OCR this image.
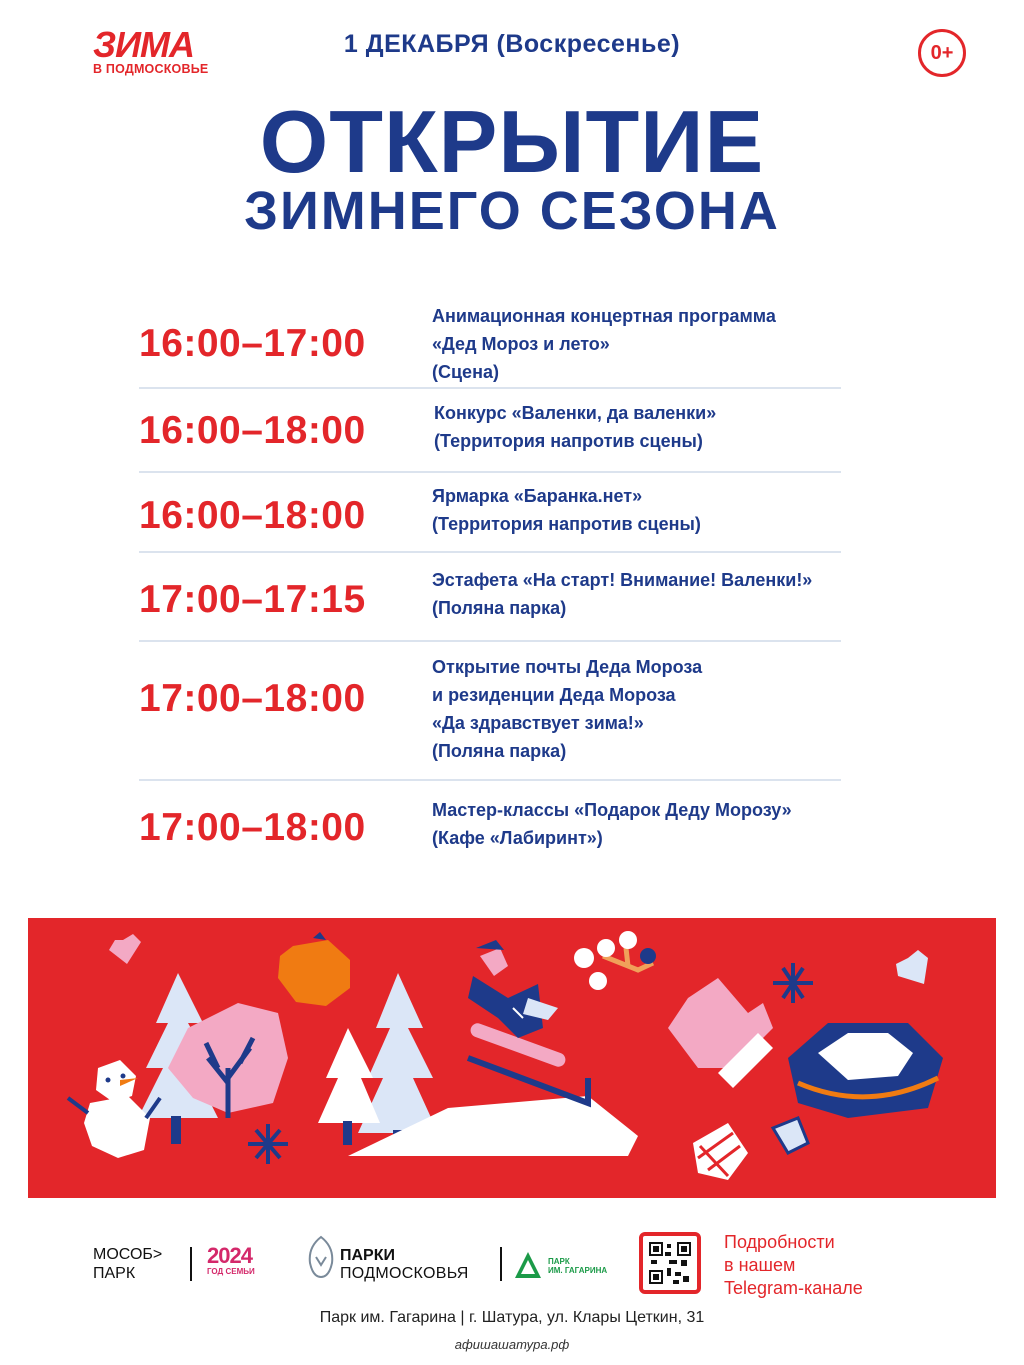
ЗИМА
В ПОДМОСКОВЬЕ
1 ДЕКАБРЯ (Воскресенье)	0+
ОТКРЫТИЕ
ЗИМНЕГО СЕЗОНА
16:00–17:00
Анимационная концертная программа
«Дед Мороз и лето»
(Сцена)
16:00–18:00	Конкурс «Валенки, да валенки»
(Территория напротив сцены)
16:00–18:00	Ярмарка «Баранка.нет»
(Территория напротив сцены)
17:00–17:15	Эстафета «На старт! Внимание! Валенки!»
(Поляна парка)
17:00–18:00
Открытие почты Деда Мороза
и резиденции Деда Мороза
«Да здравствует зима!»
(Поляна парка)
17:00–18:00	Мастер-классы «Подарок Деду Морозу»
(Кафе «Лабиринт»)
МОСОБ>
ПАРК
2024
ГОД СЕМЬИ
ПАРКИ
ПОДМОСКОВЬЯ
ПАРК
ИМ. ГАГАРИНА
Подробности
в нашем
Telegram-канале
Парк им. Гагарина | г. Шатура, ул. Клары Цеткин, 31
афишашатура.рф
